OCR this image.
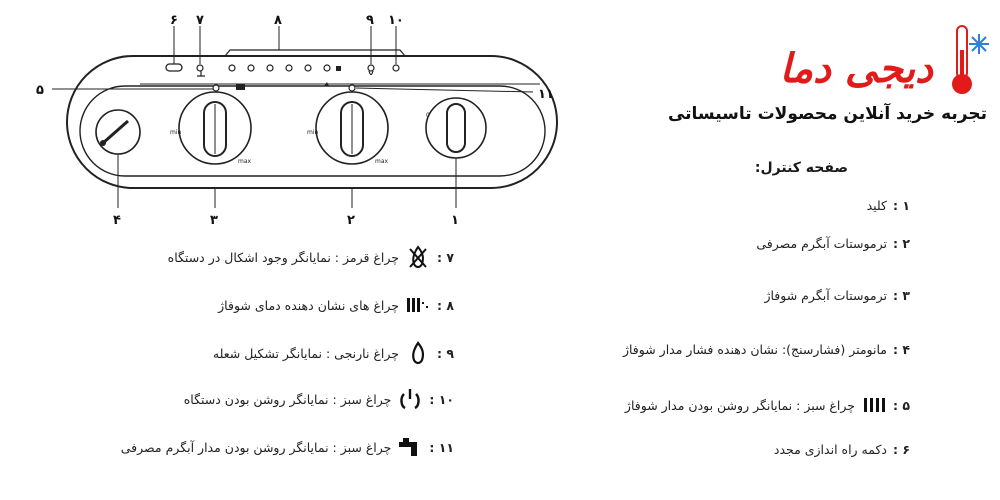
min
max
min
max
0
۶ ۷	۸	۹ ۱۰
۵	۱۱
۴	۳	۲	۱
دیجی دما
تجربه خرید آنلاین محصولات تاسیساتی
صفحه کنترل:
۱ :
کلید
۲ :
ترموستات آبگرم مصرفی
۳ :
ترموستات آبگرم شوفاژ
۴ :
مانومتر (فشارسنج): نشان دهنده فشار مدار شوفاژ
۵ :
چراغ سبز : نمایانگر روشن بودن مدار شوفاژ
۶ :
دکمه راه اندازی مجدد
۷ :
چراغ قرمز : نمایانگر وجود اشکال در دستگاه
۸ :
چراغ های نشان دهنده دمای شوفاژ
۹ :
چراغ نارنجی : نمایانگر تشکیل شعله
۱۰ :
چراغ سبز : نمایانگر روشن بودن دستگاه
۱۱ :
چراغ سبز : نمایانگر روشن بودن مدار آبگرم مصرفی
